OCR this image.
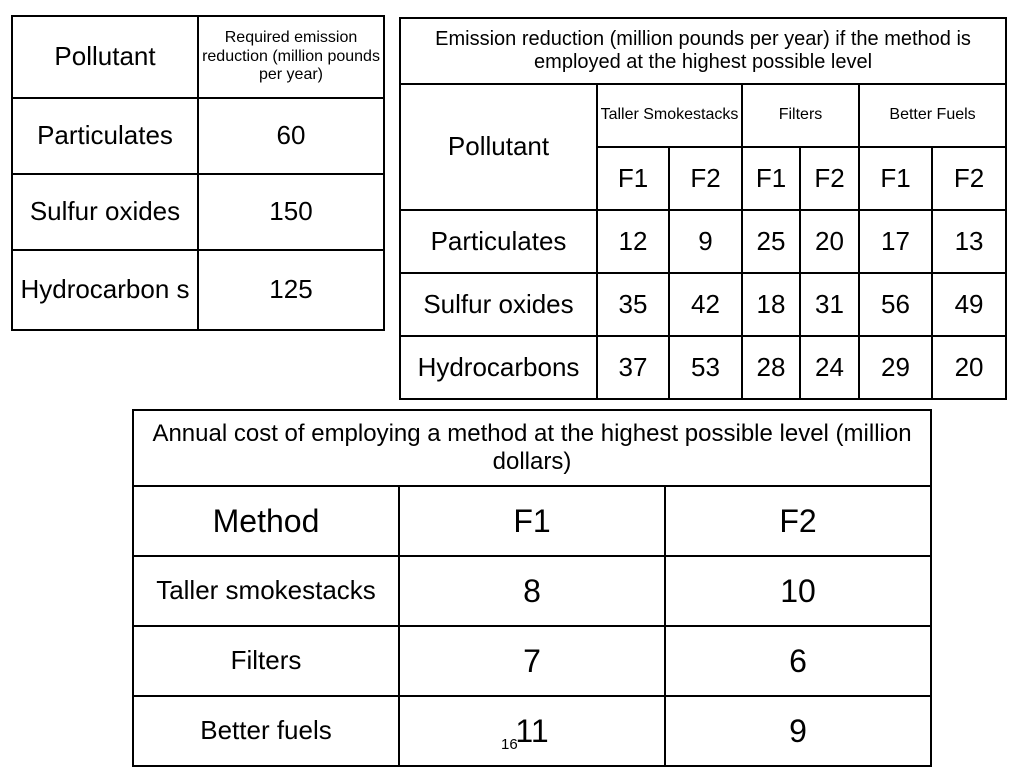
Pollutant	Required emission reduction (million pounds per year)
Particulates	60
Sulfur oxides	150
Hydrocarbon s	125
Emission reduction (million pounds per year) if the method is employed at the highest possible level						
Pollutant	Taller Smokestacks		Filters		Better Fuels	
	F1	F2	F1	F2	F1	F2
Particulates	12	9	25	20	17	13
Sulfur oxides	35	42	18	31	56	49
Hydrocarbons	37	53	28	24	29	20
Annual cost of employing a method at the highest possible level (million dollars)		
Method	F1	F2
Taller smokestacks	8	10
Filters	7	6
Better fuels	11	9
16
